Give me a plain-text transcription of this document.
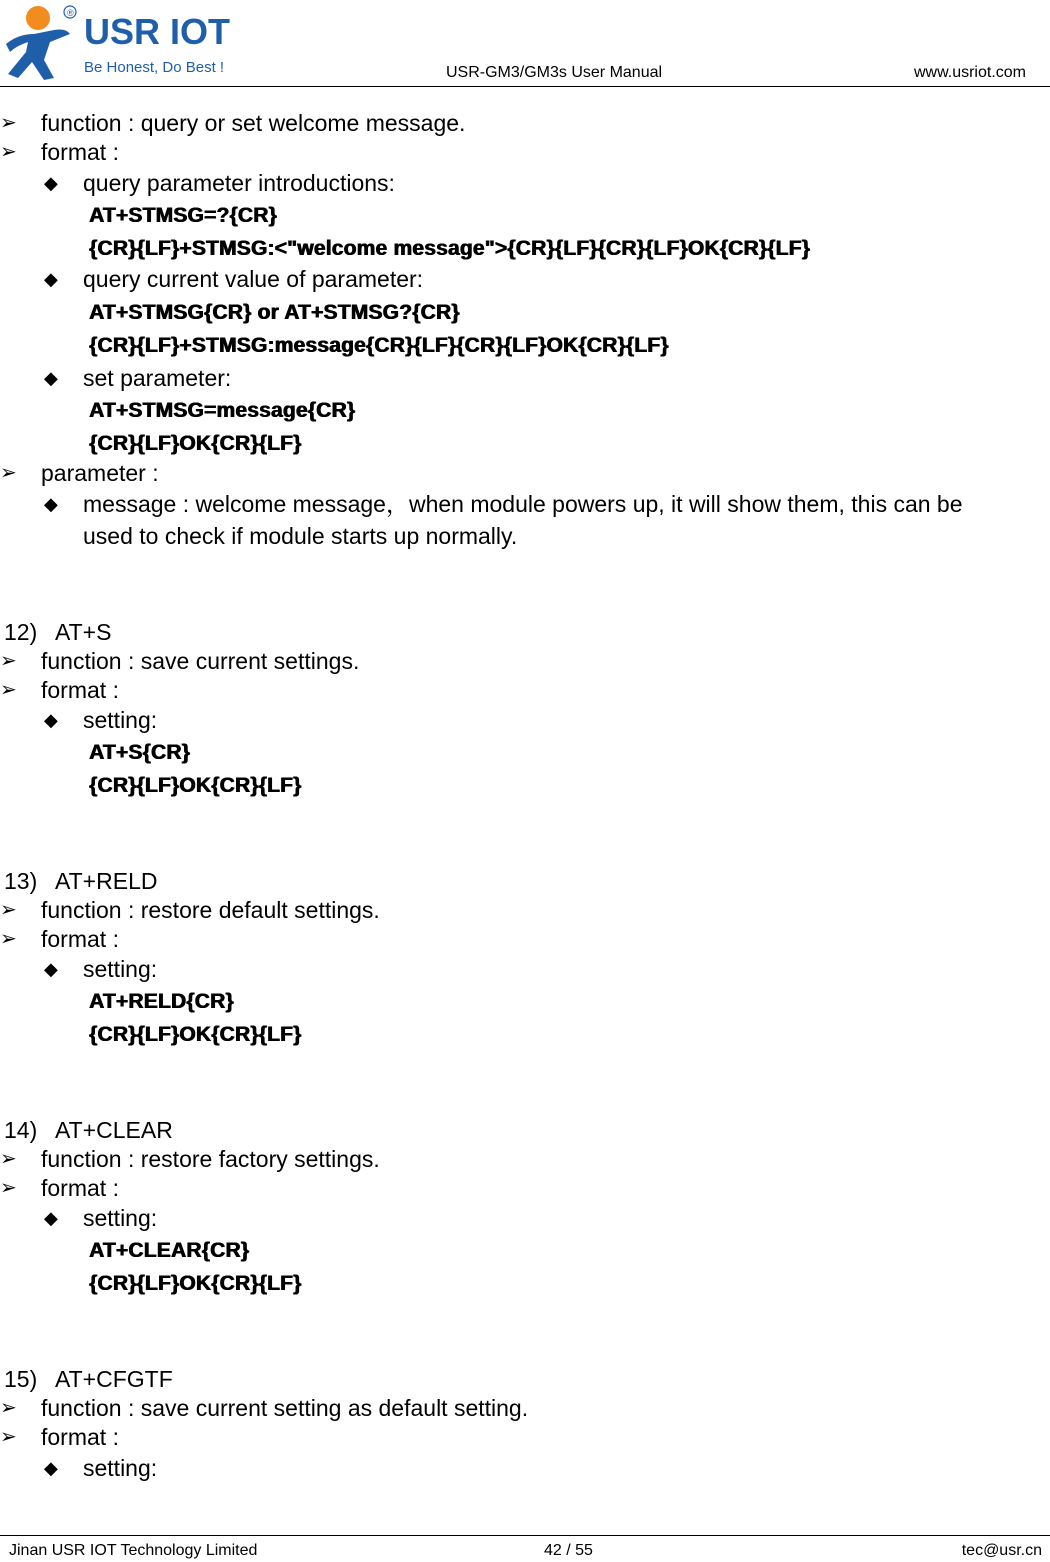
® USR IOT
Be Honest, Do Best !	USR-GM3/GM3s User Manual	www.usriot.com
➢	function : query or set welcome message.
➢	format :
◆ query parameter introductions:
AT+STMSG=?{CR}
{CR}{LF}+STMSG:<"welcome message">{CR}{LF}{CR}{LF}OK{CR}{LF}
◆ query current value of parameter:
AT+STMSG{CR} or AT+STMSG?{CR}
{CR}{LF}+STMSG:message{CR}{LF}{CR}{LF}OK{CR}{LF}
◆ set parameter:
AT+STMSG=message{CR}
{CR}{LF}OK{CR}{LF}
➢	parameter :
◆ message : welcome message，when module powers up, it will show them, this can be
used to check if module starts up normally.
12) AT+S
➢	function : save current settings.
➢	format :
◆ setting:
AT+S{CR}
{CR}{LF}OK{CR}{LF}
13) AT+RELD
➢	function : restore default settings.
➢	format :
◆ setting:
AT+RELD{CR}
{CR}{LF}OK{CR}{LF}
14) AT+CLEAR
➢	function : restore factory settings.
➢	format :
◆ setting:
AT+CLEAR{CR}
{CR}{LF}OK{CR}{LF}
15) AT+CFGTF
➢	function : save current setting as default setting.
➢	format :
◆ setting:
Jinan USR IOT Technology Limited	42 / 55	tec@usr.cn
